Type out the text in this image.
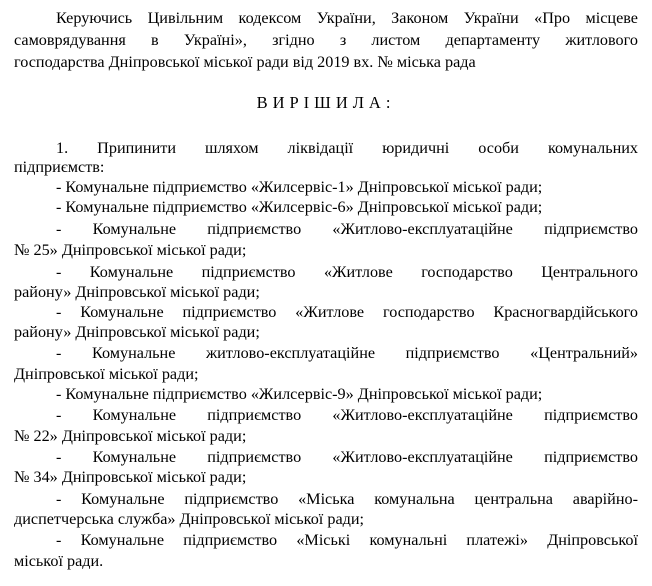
Керуючись Цивільним кодексом України, Законом України «Про місцеве
самоврядування в Україні», згідно з листом департаменту житлового
господарства Дніпровської міської ради від 2019 вх. № міська рада
ВИРІШИЛА:
1. Припинити шляхом ліквідації юридичні особи комунальних
підприємств:
- Комунальне підприємство «Жилсервіс-1» Дніпровської міської ради;
- Комунальне підприємство «Жилсервіс-6» Дніпровської міської ради;
- Комунальне підприємство «Житлово-експлуатаційне підприємство
№ 25» Дніпровської міської ради;
- Комунальне підприємство «Житлове господарство Центрального
району» Дніпровської міської ради;
- Комунальне підприємство «Житлове господарство Красногвардійського
району» Дніпровської міської ради;
- Комунальне житлово-експлуатаційне підприємство «Центральний»
Дніпровської міської ради;
- Комунальне підприємство «Жилсервіс-9» Дніпровської міської ради;
- Комунальне підприємство «Житлово-експлуатаційне підприємство
№ 22» Дніпровської міської ради;
- Комунальне підприємство «Житлово-експлуатаційне підприємство
№ 34» Дніпровської міської ради;
- Комунальне підприємство «Міська комунальна центральна аварійно-
диспетчерська служба» Дніпровської міської ради;
- Комунальне підприємство «Міські комунальні платежі» Дніпровської
міської ради.
